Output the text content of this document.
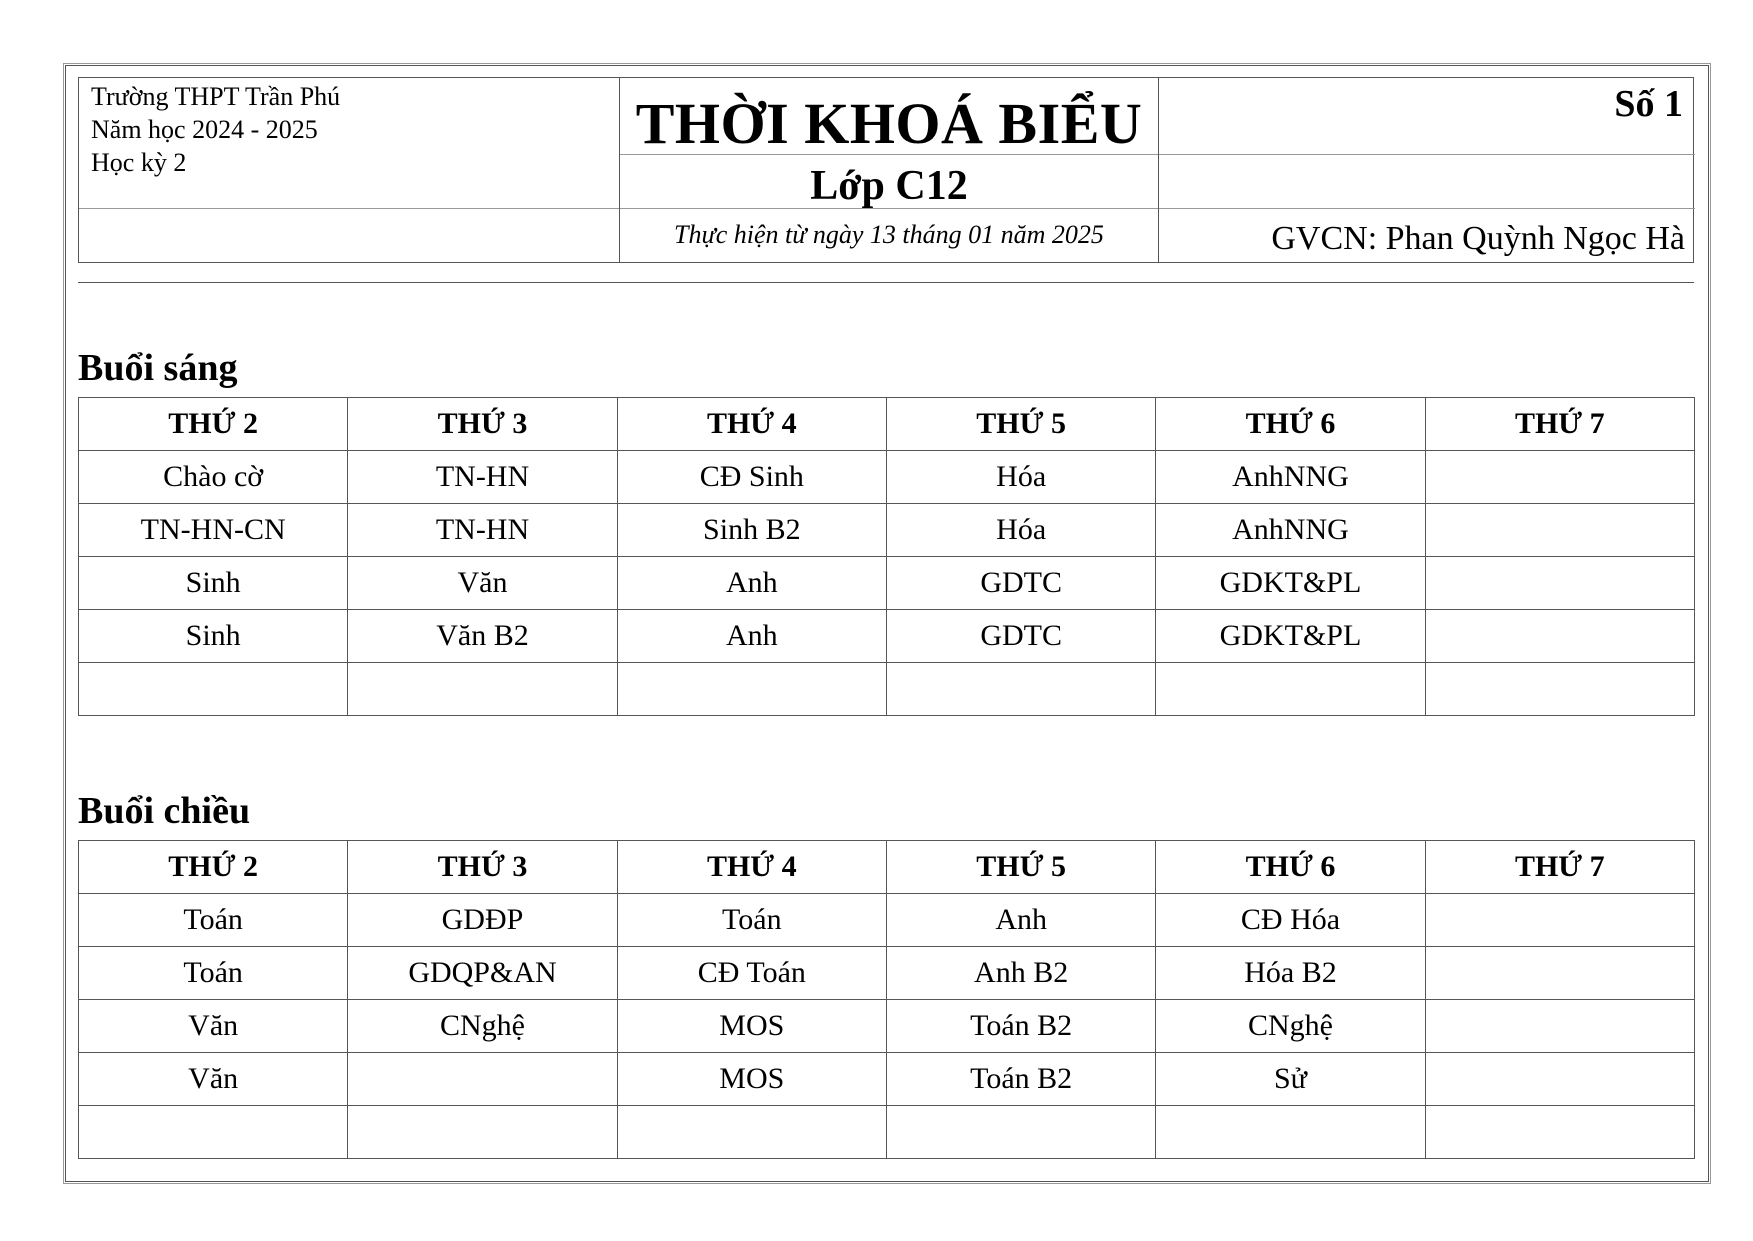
Trường THPT Trần Phú
Năm học 2024 - 2025
Học kỳ 2
THỜI KHOÁ BIỂU
Lớp C12
Thực hiện từ ngày 13 tháng 01 năm 2025
Số 1
GVCN: Phan Quỳnh Ngọc Hà
Buổi sáng
THỨ 2	THỨ 3	THỨ 4	THỨ 5	THỨ 6	THỨ 7
Chào cờ	TN-HN	CĐ Sinh	Hóa	AnhNNG	
TN-HN-CN	TN-HN	Sinh B2	Hóa	AnhNNG	
Sinh	Văn	Anh	GDTC	GDKT&PL	
Sinh	Văn B2	Anh	GDTC	GDKT&PL	

Buổi chiều
THỨ 2	THỨ 3	THỨ 4	THỨ 5	THỨ 6	THỨ 7
Toán	GDĐP	Toán	Anh	CĐ Hóa	
Toán	GDQP&AN	CĐ Toán	Anh B2	Hóa B2	
Văn	CNghệ	MOS	Toán B2	CNghệ	
Văn		MOS	Toán B2	Sử	
